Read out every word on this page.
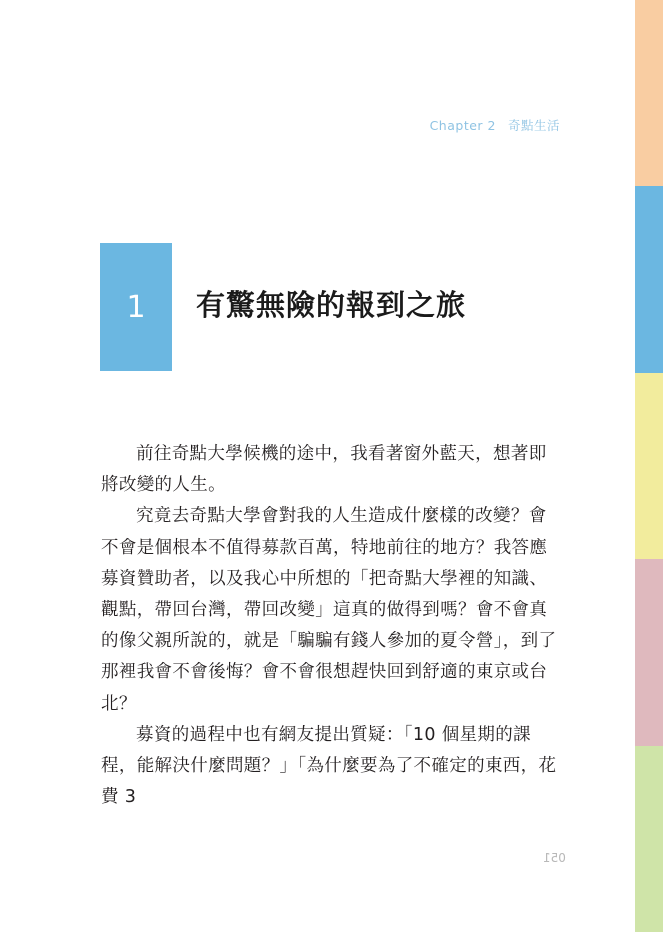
Chapter 2 奇點生活
1 有驚無險的報到之旅

前往奇點大學候機的途中，我看著窗外藍天，想著即將改變的人生。

究竟去奇點大學會對我的人生造成什麼樣的改變？會不會是個根本不值得募款百萬，特地前往的地方？我答應募資贊助者，以及我心中所想的「把奇點大學裡的知識、觀點，帶回台灣，帶回改變」這真的做得到嗎？會不會真的像父親所說的，就是「騙騙有錢人參加的夏令營」，到了那裡我會不會後悔？會不會很想趕快回到舒適的東京或台北？

募資的過程中也有網友提出質疑：「10 個星期的課程，能解決什麼問題？」「為什麼要為了不確定的東西，花費 3

051
